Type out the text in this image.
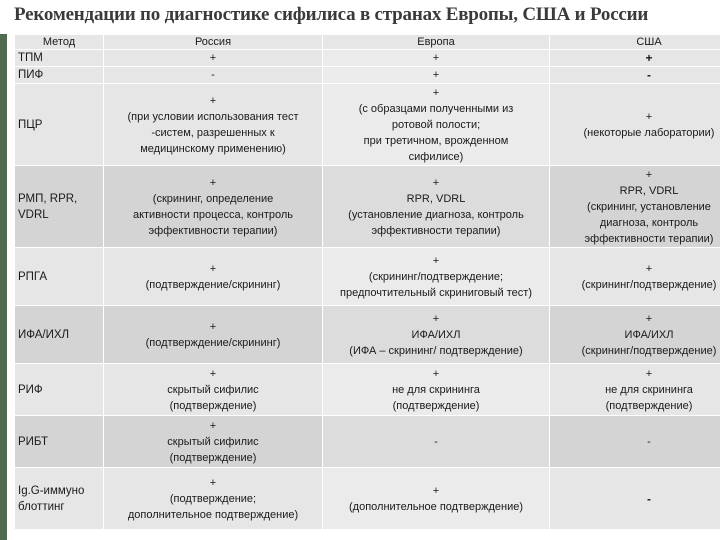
Рекомендации по диагностике сифилиса в странах Европы, США и России
Метод	Россия	Европа	США
ТПМ	+	+	+

ПИФ	-	+	-

ПЦР	+
(при условии использования тест
-систем, разрешенных к
медицинскому применению)	+
(с образцами полученными из
ротовой полости;
при третичном, врожденном
сифилисе)	+
(некоторые лаборатории)

РМП, RPR, VDRL	+
(скрининг, определение
активности процесса, контроль
эффективности терапии)	+
RPR, VDRL
(установление диагноза, контроль
эффективности терапии)	+
RPR, VDRL
(скрининг, установление
диагноза, контроль
эффективности терапии)

РПГА	+
(подтверждение/скрининг)	+
(скрининг/подтверждение;
предпочтительный скриниговый тест)	+
(скрининг/подтверждение)

ИФА/ИХЛ	+
(подтверждение/скрининг)	+
ИФА/ИХЛ
(ИФА – скрининг/ подтверждение)	+
ИФА/ИХЛ
(скрининг/подтверждение)

РИФ	+
скрытый сифилис
(подтверждение)	+
не для скрининга
(подтверждение)	+
не для скрининга
(подтверждение)

РИБТ	+
скрытый сифилис
(подтверждение)	-	-

Ig.G-иммуно блоттинг	+
(подтверждение;
дополнительное подтверждение)	+
(дополнительное подтверждение)	-
